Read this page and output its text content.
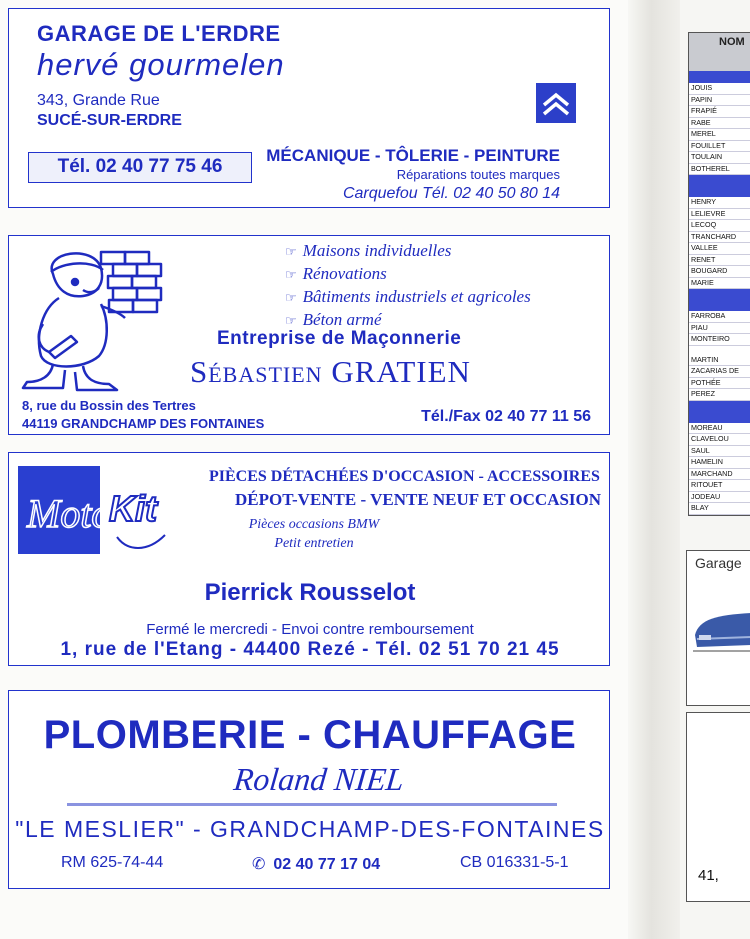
GARAGE DE L'ERDRE
hervé gourmelen
343, Grande Rue
SUCÉ-SUR-ERDRE
Tél. 02 40 77 75 46
MÉCANIQUE - TÔLERIE - PEINTURE
Réparations toutes marques
Carquefou Tél. 02 40 50 80 14
☞ Maisons individuelles
☞ Rénovations
☞ Bâtiments industriels et agricoles
☞ Béton armé
Entreprise de Maçonnerie
Sébastien GRATIEN
8, rue du Bossin des Tertres
44119 GRANDCHAMP DES FONTAINES	Tél./Fax 02 40 77 11 56
Moto
Kit
PIÈCES DÉTACHÉES D'OCCASION - ACCESSOIRES
DÉPOT-VENTE - VENTE NEUF ET OCCASION
Pièces occasions BMW
Petit entretien
Pierrick Rousselot
Fermé le mercredi - Envoi contre remboursement
1, rue de l'Etang - 44400 Rezé - Tél. 02 51 70 21 45
PLOMBERIE - CHAUFFAGE
Roland NIEL
"LE MESLIER" - GRANDCHAMP-DES-FONTAINES
RM 625-74-44	✆ 02 40 77 17 04	CB 016331-5-1
NOM
JOUIS
PAPIN
FRAPIÉ
RABE
MEREL
FOUILLET
TOULAIN
BOTHEREL
HENRY
LELIEVRE
LECOQ
TRANCHARD
VALLEE
RENET
BOUGARD
MARIE
FARROBA
PIAU
MONTEIRO
MARTIN
ZACARIAS DE
POTHÉE
PEREZ
MOREAU
CLAVELOU
SAUL
HAMELIN
MARCHAND
RITOUET
JODEAU
BLAY
Garage
41,
